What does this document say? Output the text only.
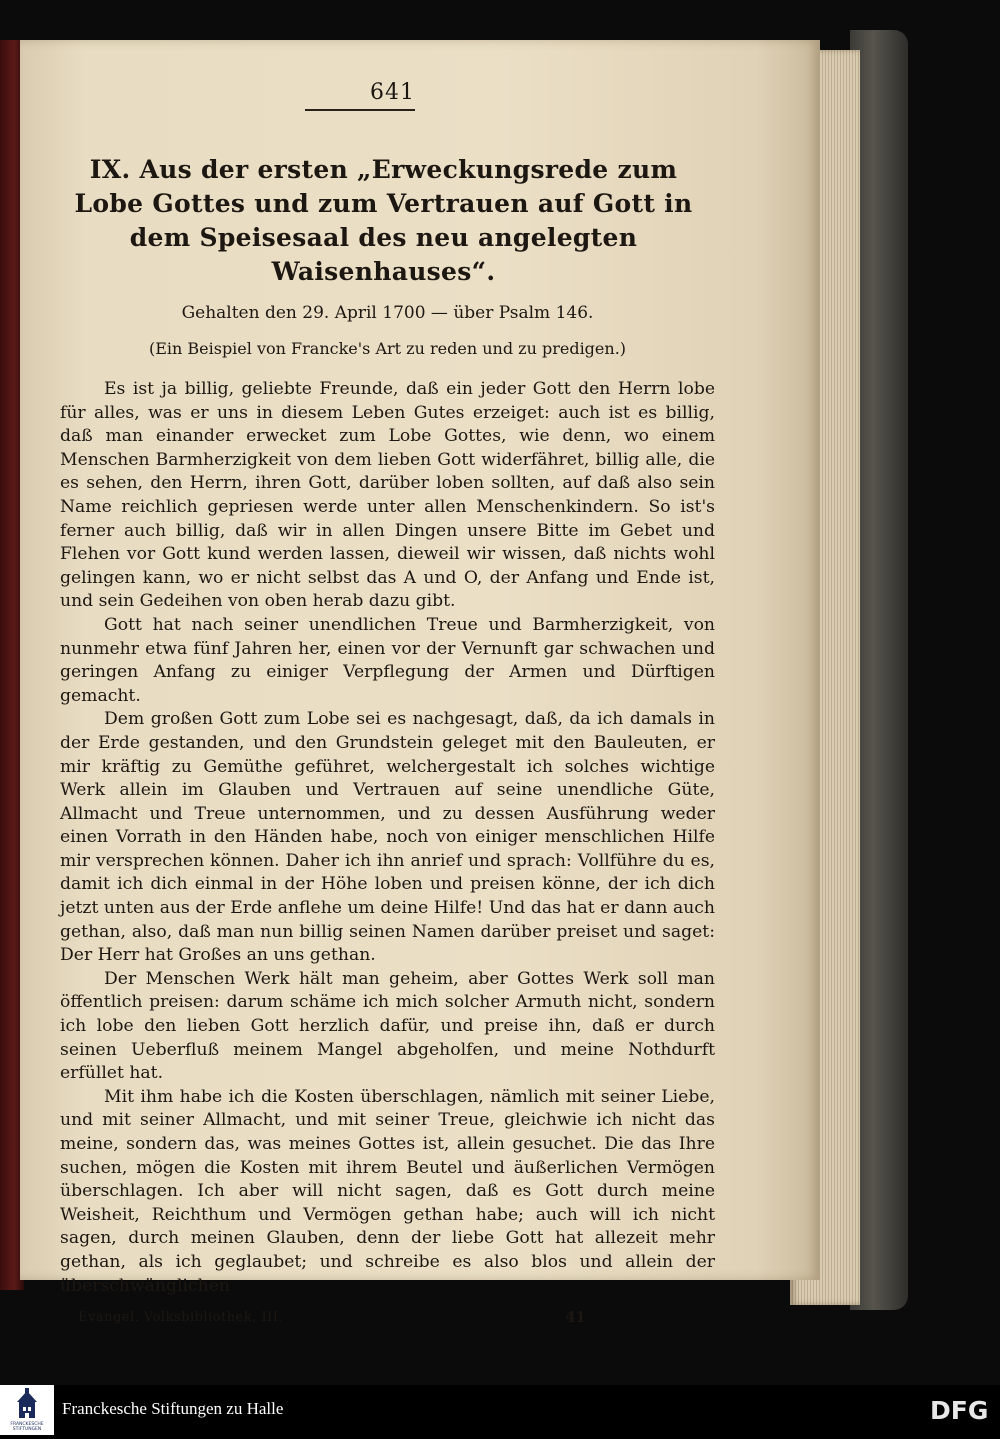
641
IX. Aus der ersten „Erweckungsrede zum Lobe Gottes und zum Vertrauen auf Gott in dem Speisesaal des neu angelegten Waisenhauses“.
Gehalten den 29. April 1700 — über Psalm 146.
(Ein Beispiel von Francke's Art zu reden und zu predigen.)

Es ist ja billig, geliebte Freunde, daß ein jeder Gott den Herrn lobe für alles, was er uns in diesem Leben Gutes erzeiget: auch ist es billig, daß man einander erwecket zum Lobe Gottes, wie denn, wo einem Menschen Barmherzigkeit von dem lieben Gott widerfähret, billig alle, die es sehen, den Herrn, ihren Gott, darüber loben sollten, auf daß also sein Name reichlich gepriesen werde unter allen Menschenkindern. So ist's ferner auch billig, daß wir in allen Dingen unsere Bitte im Gebet und Flehen vor Gott kund werden lassen, dieweil wir wissen, daß nichts wohl gelingen kann, wo er nicht selbst das A und O, der Anfang und Ende ist, und sein Gedeihen von oben herab dazu gibt.

Gott hat nach seiner unendlichen Treue und Barmherzigkeit, von nunmehr etwa fünf Jahren her, einen vor der Vernunft gar schwachen und geringen Anfang zu einiger Verpflegung der Armen und Dürftigen gemacht.

Dem großen Gott zum Lobe sei es nachgesagt, daß, da ich damals in der Erde gestanden, und den Grundstein geleget mit den Bauleuten, er mir kräftig zu Gemüthe geführet, welchergestalt ich solches wichtige Werk allein im Glauben und Vertrauen auf seine unendliche Güte, Allmacht und Treue unternommen, und zu dessen Ausführung weder einen Vorrath in den Händen habe, noch von einiger menschlichen Hilfe mir versprechen können. Daher ich ihn anrief und sprach: Vollführe du es, damit ich dich einmal in der Höhe loben und preisen könne, der ich dich jetzt unten aus der Erde anflehe um deine Hilfe! Und das hat er dann auch gethan, also, daß man nun billig seinen Namen darüber preiset und saget: Der Herr hat Großes an uns gethan.

Der Menschen Werk hält man geheim, aber Gottes Werk soll man öffentlich preisen: darum schäme ich mich solcher Armuth nicht, sondern ich lobe den lieben Gott herzlich dafür, und preise ihn, daß er durch seinen Ueberfluß meinem Mangel abgeholfen, und meine Nothdurft erfüllet hat.

Mit ihm habe ich die Kosten überschlagen, nämlich mit seiner Liebe, und mit seiner Allmacht, und mit seiner Treue, gleichwie ich nicht das meine, sondern das, was meines Gottes ist, allein gesuchet. Die das Ihre suchen, mögen die Kosten mit ihrem Beutel und äußerlichen Vermögen überschlagen. Ich aber will nicht sagen, daß es Gott durch meine Weisheit, Reichthum und Vermögen gethan habe; auch will ich nicht sagen, durch meinen Glauben, denn der liebe Gott hat allezeit mehr gethan, als ich geglaubet; und schreibe es also blos und allein der überschwänglichen

Evangel. Volksbibliothek, III.	41
FRANCKESCHE STIFTUNGEN
Franckesche Stiftungen zu Halle	DFG
